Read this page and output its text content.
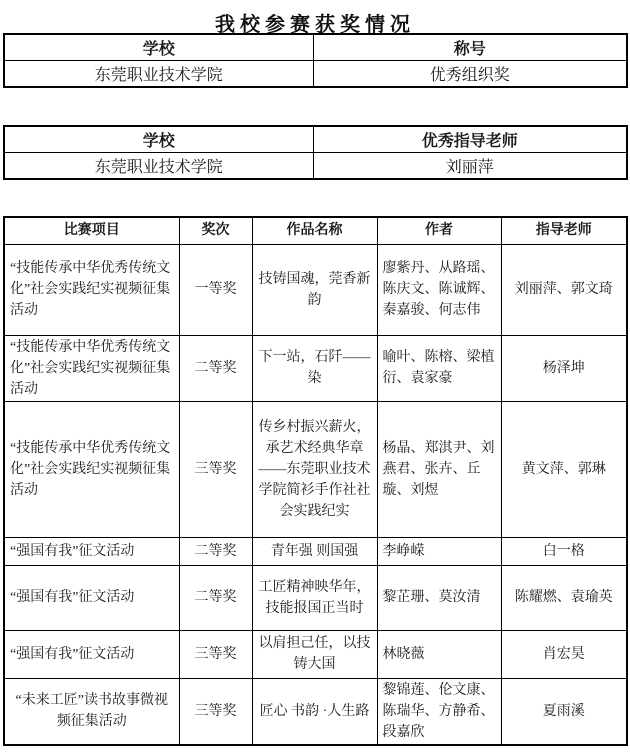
我校参赛获奖情况
学校	称号
东莞职业技术学院	优秀组织奖
学校	优秀指导老师
东莞职业技术学院	刘丽萍
比赛项目	奖次	作品名称	作者	指导老师
“技能传承中华优秀传统文化”社会实践纪实视频征集活动	一等奖	技铸国魂，莞香新韵	廖紫丹、从路瑶、陈庆文、陈诚辉、秦嘉骏、何志伟	刘丽萍、郭文琦
“技能传承中华优秀传统文化”社会实践纪实视频征集活动	二等奖	下一站，石阡——染	喻叶、陈榕、梁植衍、袁家豪	杨泽坤
“技能传承中华优秀传统文化”社会实践纪实视频征集活动	三等奖	传乡村振兴薪火，承艺术经典华章——东莞职业技术学院简衫手作社社会实践纪实	杨晶、郑淇尹、刘燕君、张卉、丘璇、刘煜	黄文萍、郭琳
“强国有我”征文活动	二等奖	青年强 则国强	李峥嵘	白一格
“强国有我”征文活动	二等奖	工匠精神映华年，技能报国正当时	黎芷珊、莫汝清	陈耀燃、袁瑜英
“强国有我”征文活动	三等奖	以肩担己任，以技铸大国	林晓薇	肖宏昊
“未来工匠”读书故事微视频征集活动	三等奖	匠心 书韵 ·人生路	黎锦莲、伦文康、陈瑞华、方静希、段嘉欣	夏雨溪
